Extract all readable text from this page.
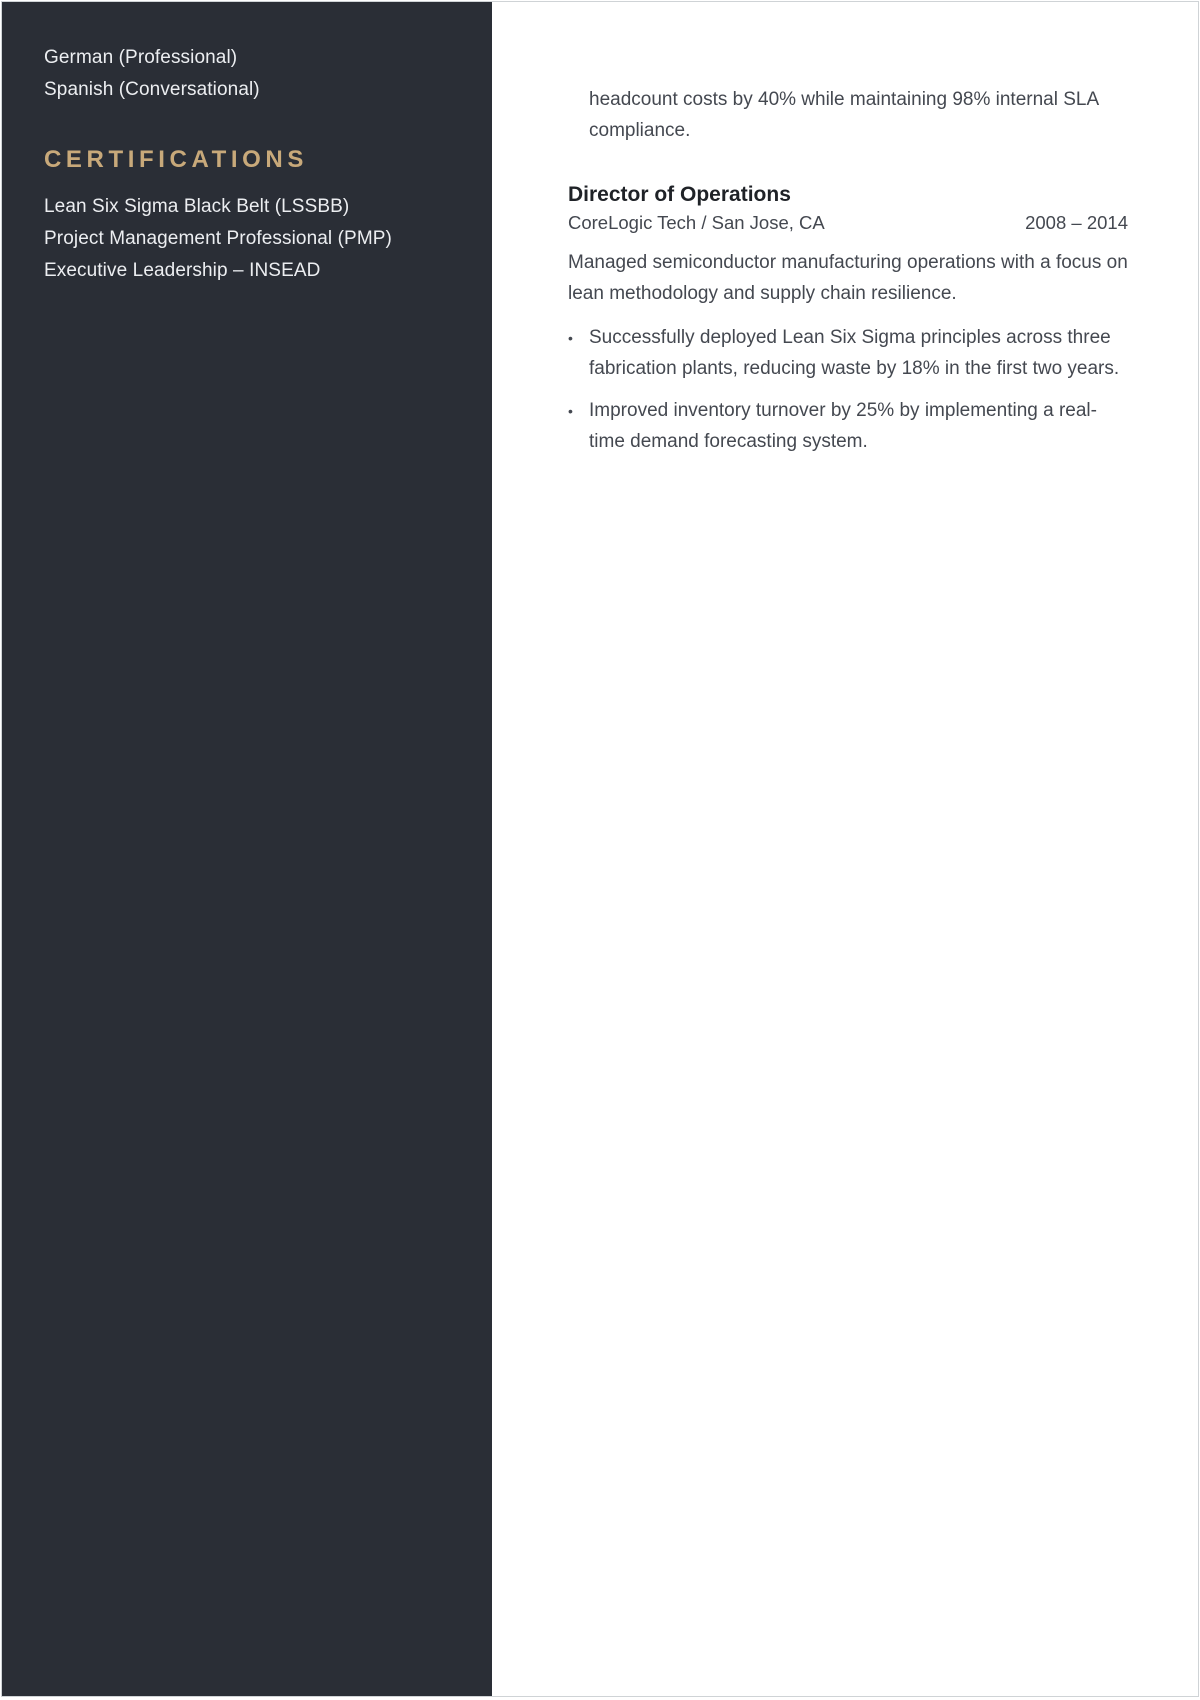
German (Professional)
Spanish (Conversational)
CERTIFICATIONS
Lean Six Sigma Black Belt (LSSBB)
Project Management Professional (PMP)
Executive Leadership – INSEAD

headcount costs by 40% while maintaining 98% internal SLA compliance.

Director of Operations
CoreLogic Tech / San Jose, CA	2008 – 2014

Managed semiconductor manufacturing operations with a focus on lean methodology and supply chain resilience.

• Successfully deployed Lean Six Sigma principles across three fabrication plants, reducing waste by 18% in the first two years.
• Improved inventory turnover by 25% by implementing a real-time demand forecasting system.
